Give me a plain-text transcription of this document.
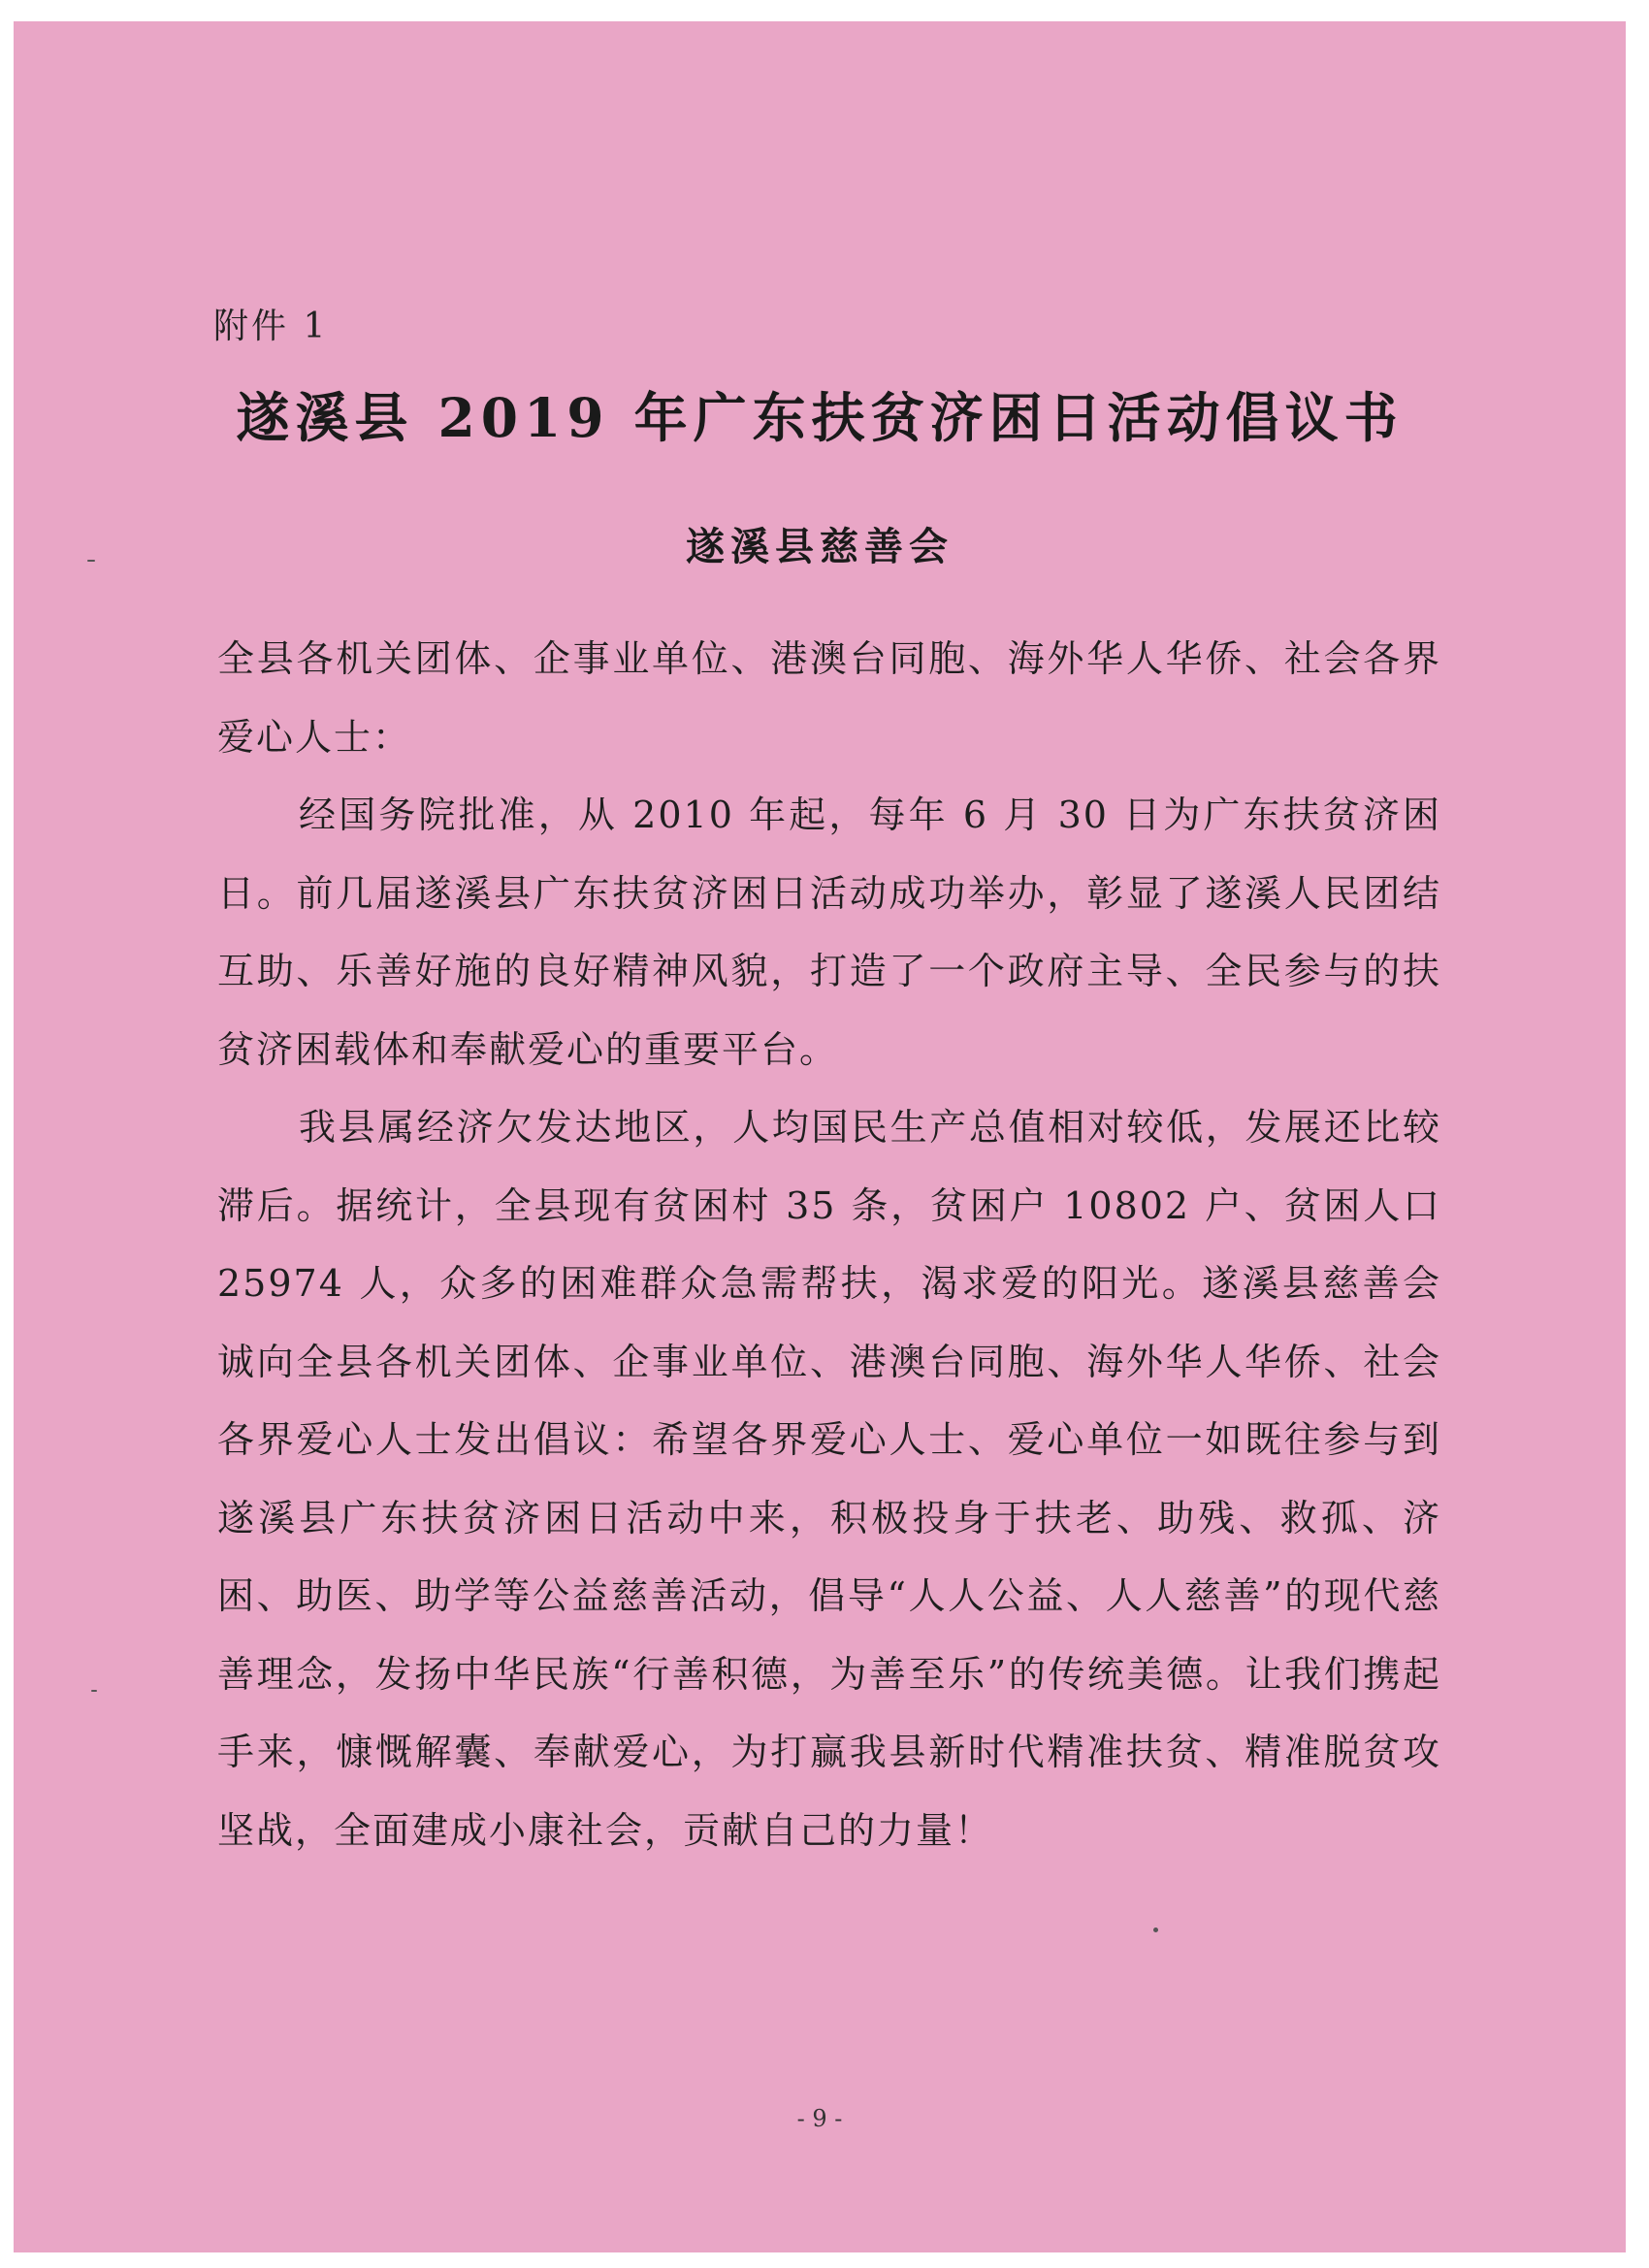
附件 1
遂溪县 2019 年广东扶贫济困日活动倡议书
遂溪县慈善会

全县各机关团体、企事业单位、港澳台同胞、海外华人华侨、社会各界爱心人士：

经国务院批准，从 2010 年起，每年 6 月 30 日为广东扶贫济困日。前几届遂溪县广东扶贫济困日活动成功举办，彰显了遂溪人民团结互助、乐善好施的良好精神风貌，打造了一个政府主导、全民参与的扶贫济困载体和奉献爱心的重要平台。

我县属经济欠发达地区，人均国民生产总值相对较低，发展还比较滞后。据统计，全县现有贫困村 35 条，贫困户 10802 户、贫困人口 25974 人，众多的困难群众急需帮扶，渴求爱的阳光。遂溪县慈善会诚向全县各机关团体、企事业单位、港澳台同胞、海外华人华侨、社会各界爱心人士发出倡议：希望各界爱心人士、爱心单位一如既往参与到遂溪县广东扶贫济困日活动中来，积极投身于扶老、助残、救孤、济困、助医、助学等公益慈善活动，倡导“人人公益、人人慈善”的现代慈善理念，发扬中华民族“行善积德，为善至乐”的传统美德。让我们携起手来，慷慨解囊、奉献爱心，为打赢我县新时代精准扶贫、精准脱贫攻坚战，全面建成小康社会，贡献自己的力量！

- 9 -
